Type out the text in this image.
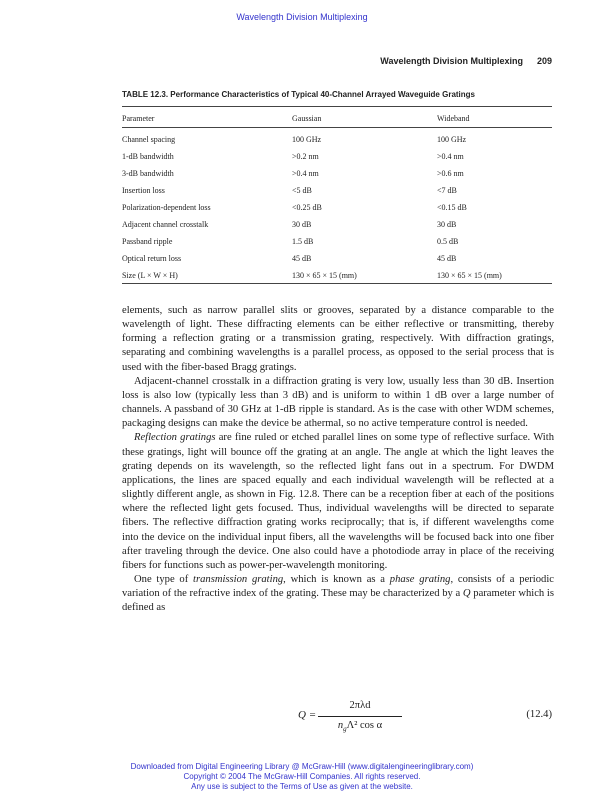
Wavelength Division Multiplexing
Wavelength Division Multiplexing 209
TABLE 12.3. Performance Characteristics of Typical 40-Channel Arrayed Waveguide Gratings
Parameter	Gaussian	Wideband

Channel spacing	100 GHz	100 GHz
1-dB bandwidth	>0.2 nm	>0.4 nm
3-dB bandwidth	>0.4 nm	>0.6 nm
Insertion loss	<5 dB	<7 dB
Polarization-dependent loss	<0.25 dB	<0.15 dB
Adjacent channel crosstalk	30 dB	30 dB
Passband ripple	1.5 dB	0.5 dB
Optical return loss	45 dB	45 dB
Size (L × W × H)	130 × 65 × 15 (mm)	130 × 65 × 15 (mm)

elements, such as narrow parallel slits or grooves, separated by a distance comparable to the wavelength of light. These diffracting elements can be either reflective or transmitting, thereby forming a reflection grating or a transmission grating, respectively. With diffraction gratings, separating and combining wavelengths is a parallel process, as opposed to the serial process that is used with the fiber-based Bragg gratings.

Adjacent-channel crosstalk in a diffraction grating is very low, usually less than 30 dB. Insertion loss is also low (typically less than 3 dB) and is uniform to within 1 dB over a large number of channels. A passband of 30 GHz at 1-dB ripple is standard. As is the case with other WDM schemes, packaging designs can make the device be athermal, so no active temperature control is needed.

Reflection gratings are fine ruled or etched parallel lines on some type of reflective surface. With these gratings, light will bounce off the grating at an angle. The angle at which the light leaves the grating depends on its wavelength, so the reflected light fans out in a spectrum. For DWDM applications, the lines are spaced equally and each individual wavelength will be reflected at a slightly different angle, as shown in Fig. 12.8. There can be a reception fiber at each of the positions where the reflected light gets focused. Thus, individual wavelengths will be directed to separate fibers. The reflective diffraction grating works reciprocally; that is, if different wavelengths come into the device on the individual input fibers, all the wavelengths will be focused back into one fiber after traveling through the device. One also could have a photodiode array in place of the receiving fibers for functions such as power-per-wavelength monitoring.

One type of transmission grating, which is known as a phase grating, consists of a periodic variation of the refractive index of the grating. These may be characterized by a Q parameter which is defined as

Q =
2πλd
$n_g\Lambda^2$ cos α
(12.4)
Downloaded from Digital Engineering Library @ McGraw-Hill (www.digitalengineeringlibrary.com)
Copyright © 2004 The McGraw-Hill Companies. All rights reserved.
Any use is subject to the Terms of Use as given at the website.
